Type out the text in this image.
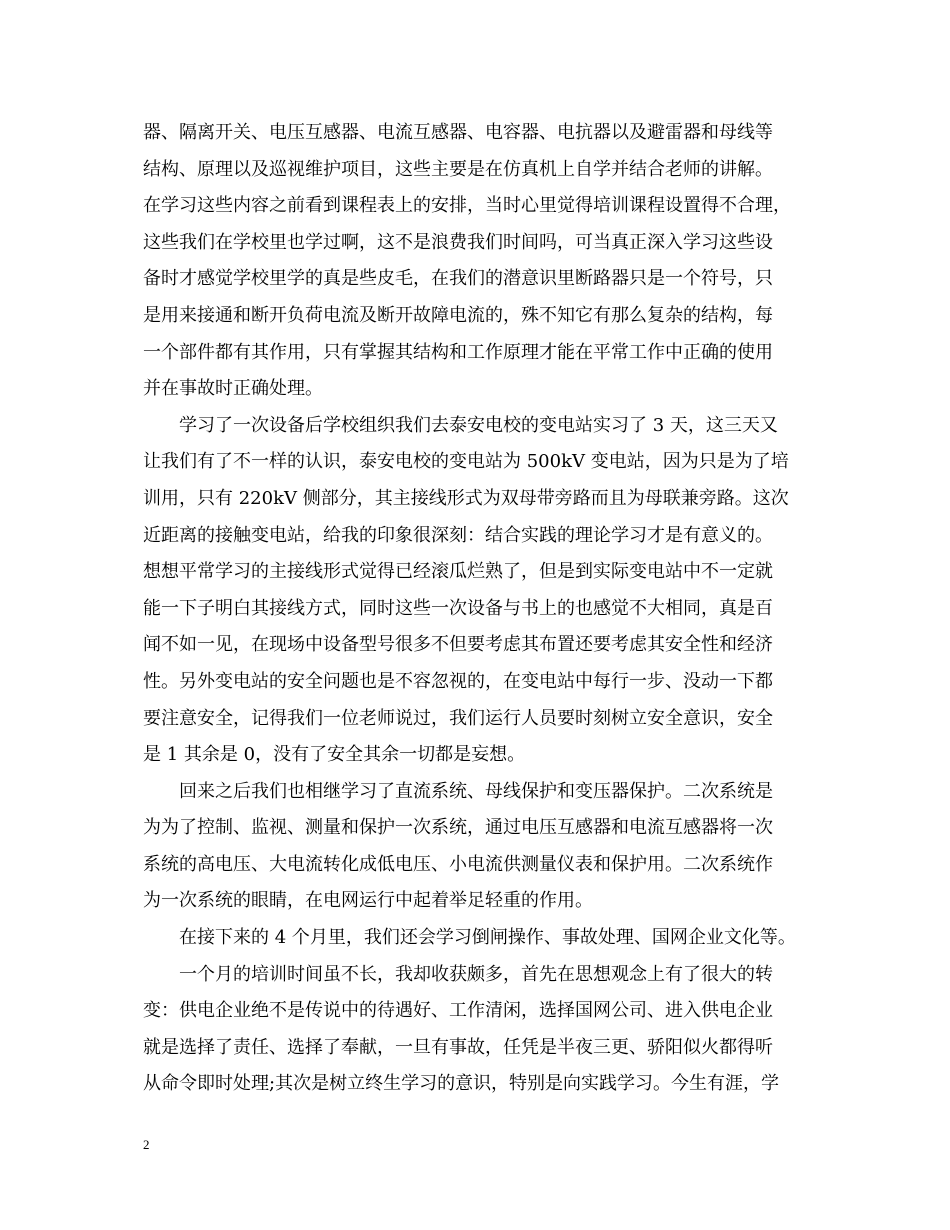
器、隔离开关、电压互感器、电流互感器、电容器、电抗器以及避雷器和母线等
结构、原理以及巡视维护项目，这些主要是在仿真机上自学并结合老师的讲解。
在学习这些内容之前看到课程表上的安排，当时心里觉得培训课程设置得不合理，
这些我们在学校里也学过啊，这不是浪费我们时间吗，可当真正深入学习这些设
备时才感觉学校里学的真是些皮毛，在我们的潜意识里断路器只是一个符号，只
是用来接通和断开负荷电流及断开故障电流的，殊不知它有那么复杂的结构，每
一个部件都有其作用，只有掌握其结构和工作原理才能在平常工作中正确的使用
并在事故时正确处理。
学习了一次设备后学校组织我们去泰安电校的变电站实习了 3 天，这三天又
让我们有了不一样的认识，泰安电校的变电站为 500kV 变电站，因为只是为了培
训用，只有 220kV 侧部分，其主接线形式为双母带旁路而且为母联兼旁路。这次
近距离的接触变电站，给我的印象很深刻：结合实践的理论学习才是有意义的。
想想平常学习的主接线形式觉得已经滚瓜烂熟了，但是到实际变电站中不一定就
能一下子明白其接线方式，同时这些一次设备与书上的也感觉不大相同，真是百
闻不如一见，在现场中设备型号很多不但要考虑其布置还要考虑其安全性和经济
性。另外变电站的安全问题也是不容忽视的，在变电站中每行一步、没动一下都
要注意安全，记得我们一位老师说过，我们运行人员要时刻树立安全意识，安全
是 1 其余是 0，没有了安全其余一切都是妄想。
回来之后我们也相继学习了直流系统、母线保护和变压器保护。二次系统是
为为了控制、监视、测量和保护一次系统，通过电压互感器和电流互感器将一次
系统的高电压、大电流转化成低电压、小电流供测量仪表和保护用。二次系统作
为一次系统的眼睛，在电网运行中起着举足轻重的作用。
在接下来的 4 个月里，我们还会学习倒闸操作、事故处理、国网企业文化等。
一个月的培训时间虽不长，我却收获颇多，首先在思想观念上有了很大的转
变：供电企业绝不是传说中的待遇好、工作清闲，选择国网公司、进入供电企业
就是选择了责任、选择了奉献，一旦有事故，任凭是半夜三更、骄阳似火都得听
从命令即时处理;其次是树立终生学习的意识，特别是向实践学习。今生有涯，学
2
